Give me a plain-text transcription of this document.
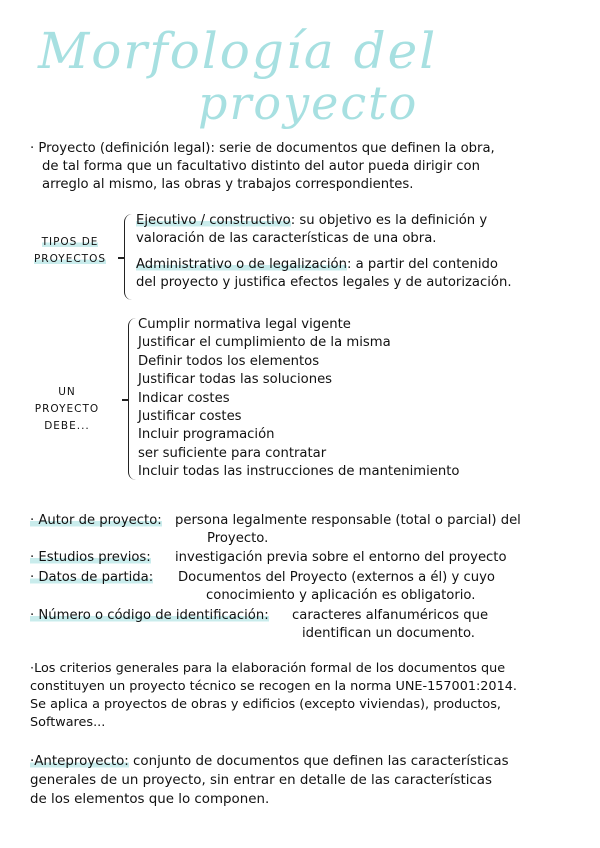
Morfología del
proyecto
· Proyecto (definición legal): serie de documentos que definen la obra,
de tal forma que un facultativo distinto del autor pueda dirigir con
arreglo al mismo, las obras y trabajos correspondientes.
TIPOS DE
PROYECTOS
Ejecutivo / constructivo: su objetivo es la definición y
valoración de las características de una obra.
Administrativo o de legalización: a partir del contenido
del proyecto y justifica efectos legales y de autorización.
UN
PROYECTO
DEBE...
Cumplir normativa legal vigente
Justificar el cumplimiento de la misma
Definir todos los elementos
Justificar todas las soluciones
Indicar costes
Justificar costes
Incluir programación
ser suficiente para contratar
Incluir todas las instrucciones de mantenimiento
· Autor de proyecto: persona legalmente responsable (total o parcial) del
Proyecto.
· Estudios previos: investigación previa sobre el entorno del proyecto
· Datos de partida: Documentos del Proyecto (externos a él) y cuyo
conocimiento y aplicación es obligatorio.
· Número o código de identificación: caracteres alfanuméricos que
identifican un documento.
·Los criterios generales para la elaboración formal de los documentos que
constituyen un proyecto técnico se recogen en la norma UNE-157001:2014.
Se aplica a proyectos de obras y edificios (excepto viviendas), productos,
Softwares...
·Anteproyecto: conjunto de documentos que definen las características
generales de un proyecto, sin entrar en detalle de las características
de los elementos que lo componen.
